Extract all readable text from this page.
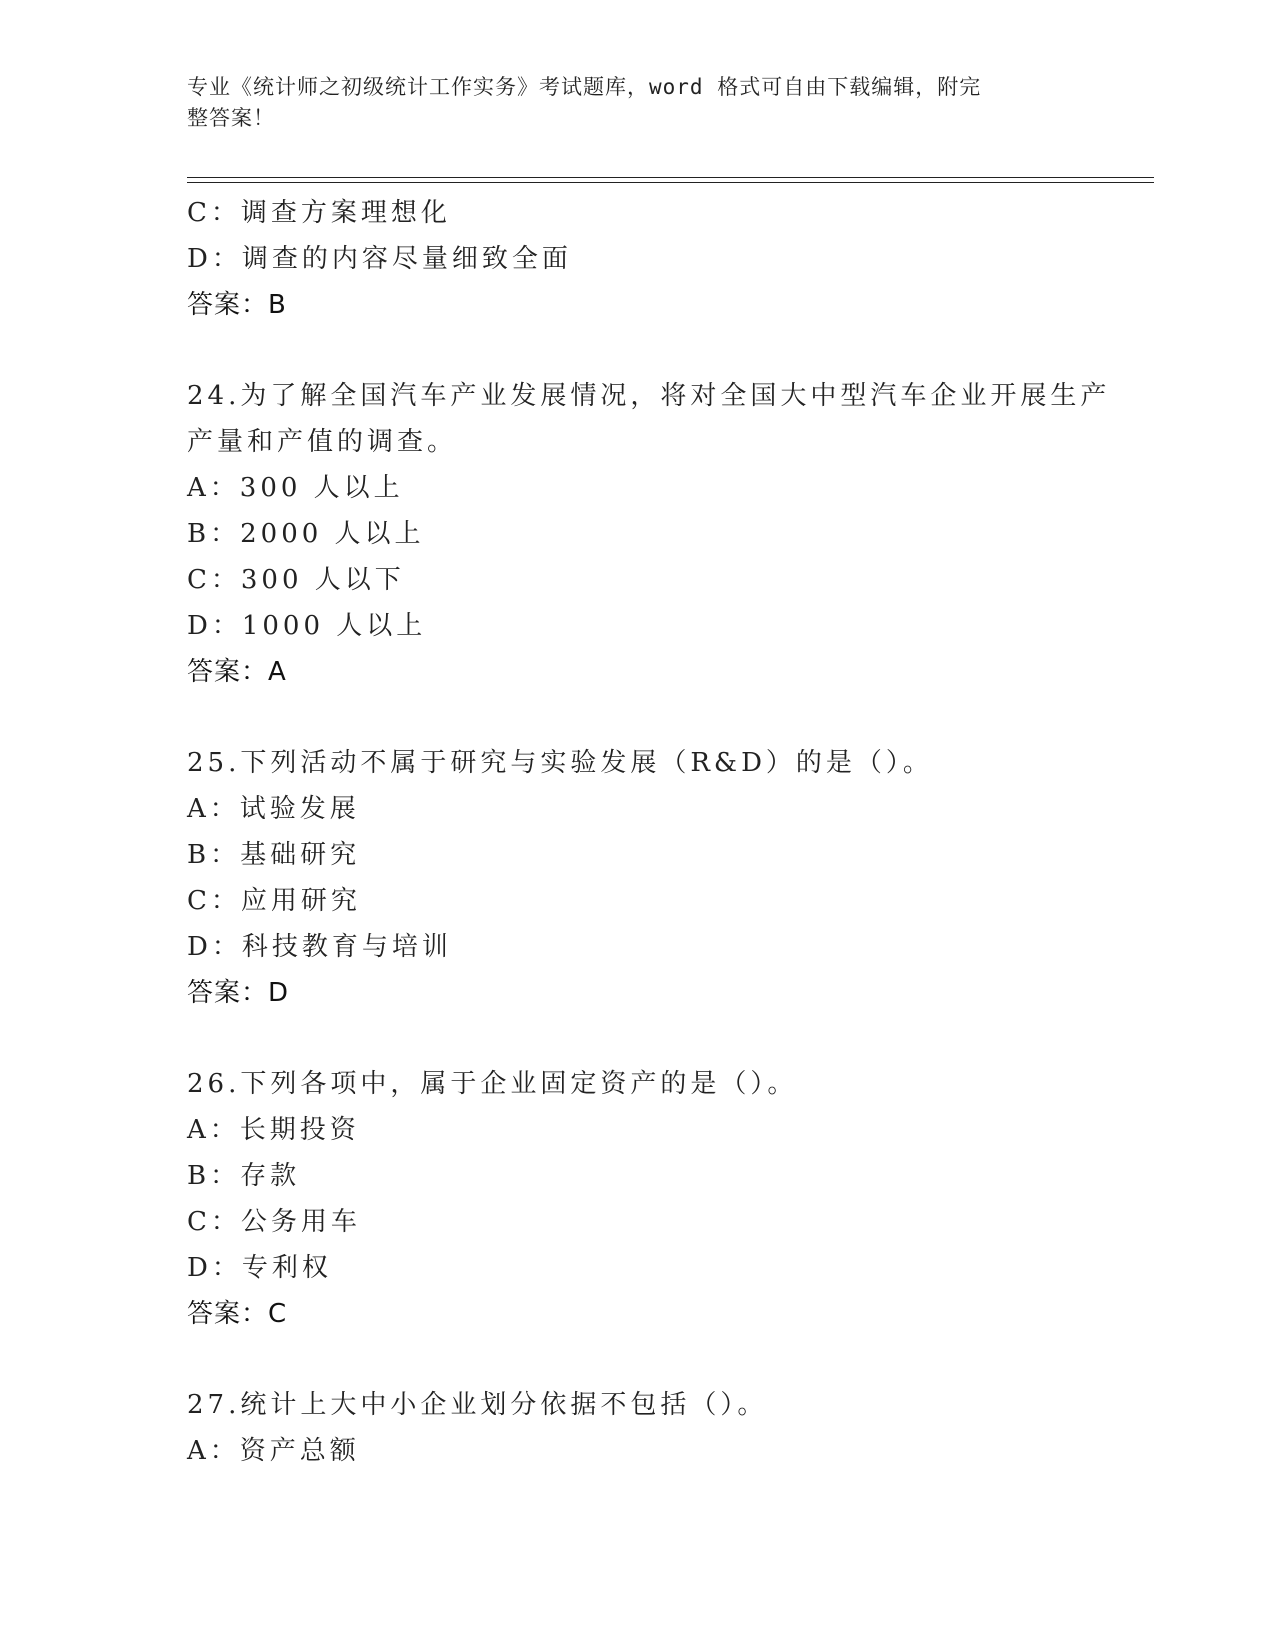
专业《统计师之初级统计工作实务》考试题库，word 格式可自由下载编辑，附完
整答案！
C：调查方案理想化
D：调查的内容尽量细致全面
答案：B
24.为了解全国汽车产业发展情况，将对全国大中型汽车企业开展生产
产量和产值的调查。
A：300 人以上
B：2000 人以上
C：300 人以下
D：1000 人以上
答案：A
25.下列活动不属于研究与实验发展（R&D）的是（）。
A：试验发展
B：基础研究
C：应用研究
D：科技教育与培训
答案：D
26.下列各项中，属于企业固定资产的是（）。
A：长期投资
B：存款
C：公务用车
D：专利权
答案：C
27.统计上大中小企业划分依据不包括（）。
A：资产总额
